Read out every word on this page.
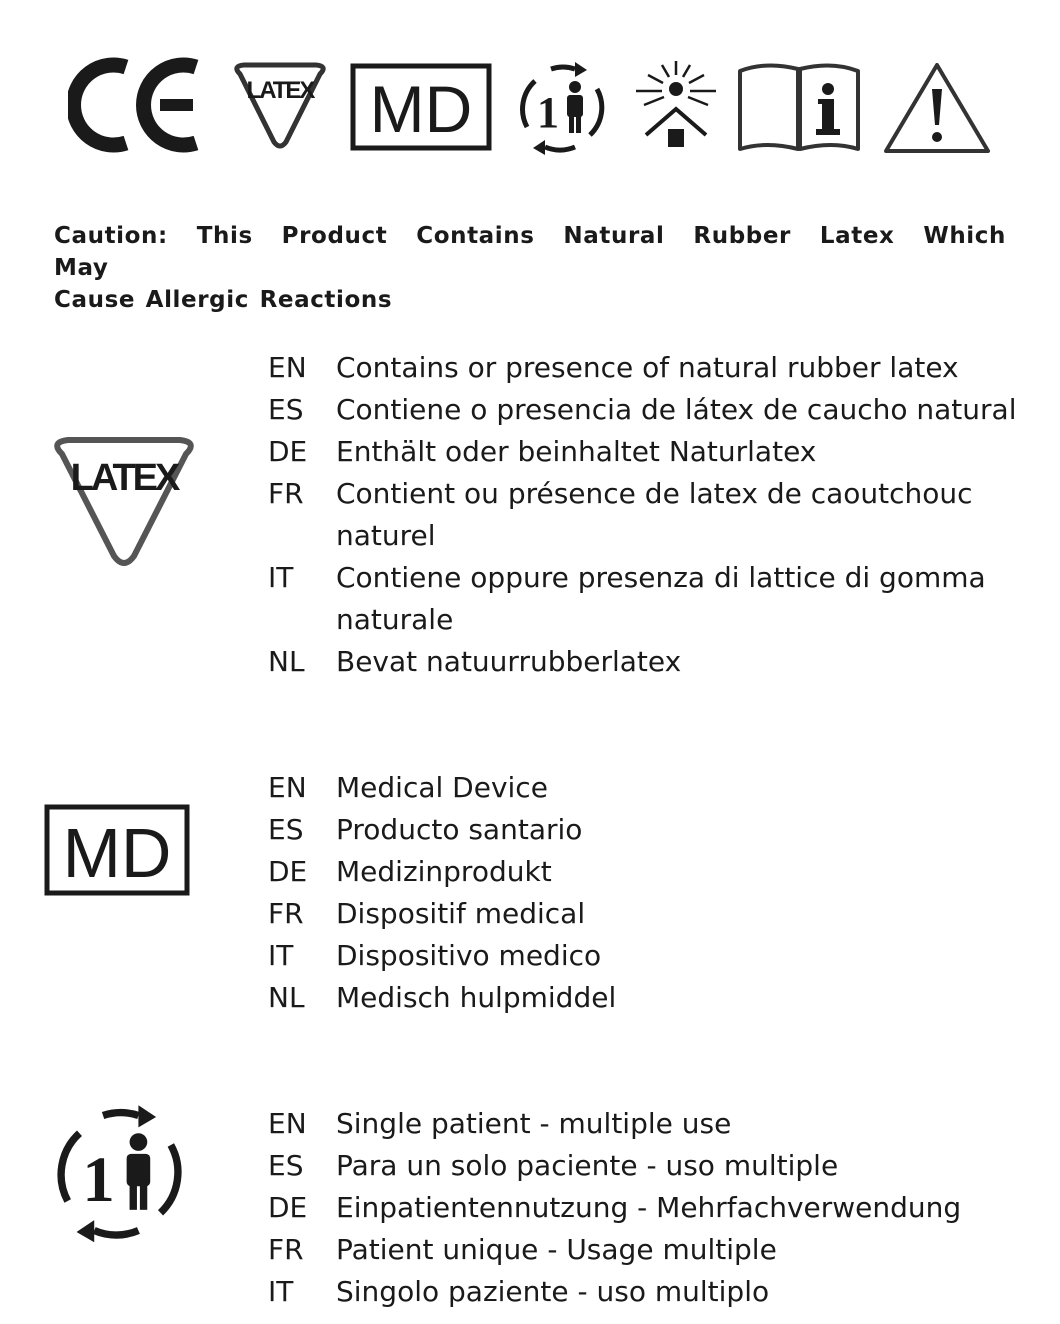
LATEX MD 1
Caution: This Product Contains Natural Rubber Latex Which May
Cause Allergic Reactions
LATEX
EN Contains or presence of natural rubber latex
ES Contiene o presencia de látex de caucho natural
DE Enthält oder beinhaltet Naturlatex
FR Contient ou présence de latex de caoutchouc naturel
IT Contiene oppure presenza di lattice di gomma naturale
NL Bevat natuurrubberlatex
MD
EN Medical Device
ES Producto santario
DE Medizinprodukt
FR Dispositif medical
IT Dispositivo medico
NL Medisch hulpmiddel
1
EN Single patient - multiple use
ES Para un solo paciente - uso multiple
DE Einpatientennutzung - Mehrfachverwendung
FR Patient unique - Usage multiple
IT Singolo paziente - uso multiplo
